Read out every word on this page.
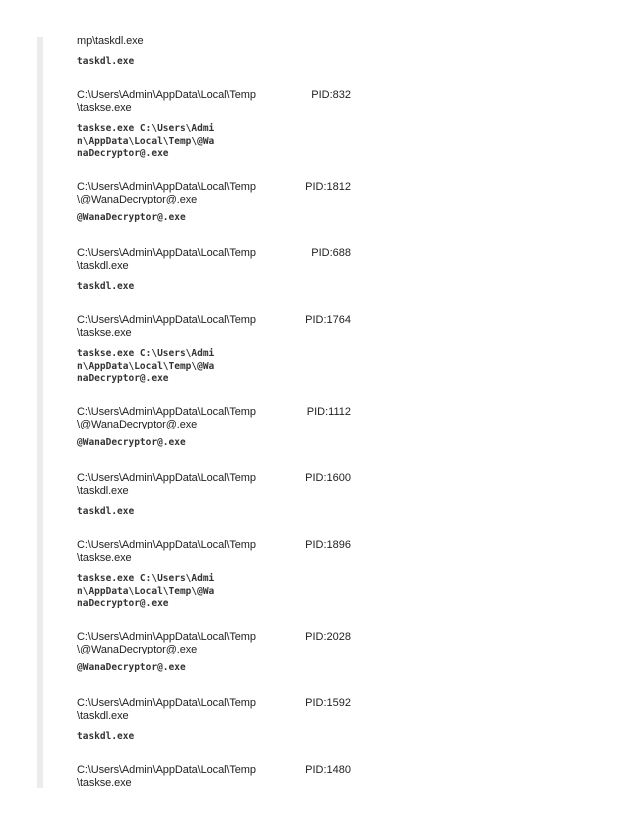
mp\taskdl.exe
taskdl.exe
C:\Users\Admin\AppData\Local\Temp\taskse.exe
PID:832
taskse.exe C:\Users\Admi
n\AppData\Local\Temp\@Wa
naDecryptor@.exe
C:\Users\Admin\AppData\Local\Temp\@WanaDecryptor@.exe
PID:1812
@WanaDecryptor@.exe
C:\Users\Admin\AppData\Local\Temp\taskdl.exe
PID:688
taskdl.exe
C:\Users\Admin\AppData\Local\Temp\taskse.exe
PID:1764
taskse.exe C:\Users\Admi
n\AppData\Local\Temp\@Wa
naDecryptor@.exe
C:\Users\Admin\AppData\Local\Temp\@WanaDecryptor@.exe
PID:1112
@WanaDecryptor@.exe
C:\Users\Admin\AppData\Local\Temp\taskdl.exe
PID:1600
taskdl.exe
C:\Users\Admin\AppData\Local\Temp\taskse.exe
PID:1896
taskse.exe C:\Users\Admi
n\AppData\Local\Temp\@Wa
naDecryptor@.exe
C:\Users\Admin\AppData\Local\Temp\@WanaDecryptor@.exe
PID:2028
@WanaDecryptor@.exe
C:\Users\Admin\AppData\Local\Temp\taskdl.exe
PID:1592
taskdl.exe
C:\Users\Admin\AppData\Local\Temp\taskse.exe
PID:1480
